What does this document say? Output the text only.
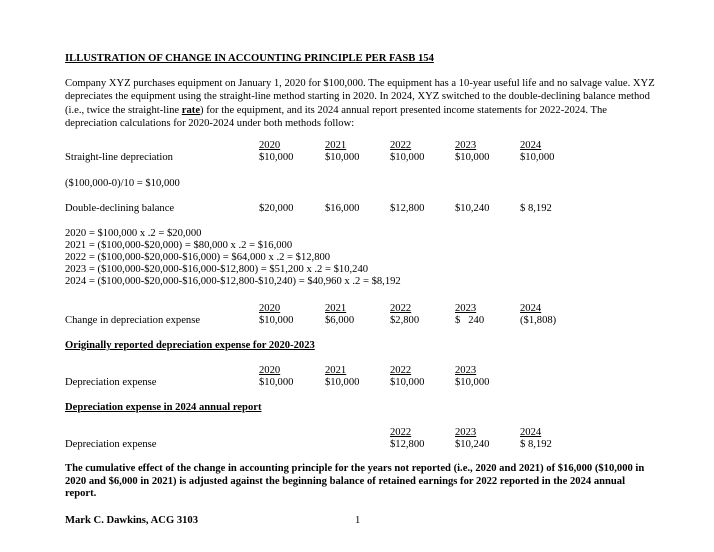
ILLUSTRATION OF CHANGE IN ACCOUNTING PRINCIPLE PER FASB 154
Company XYZ purchases equipment on January 1, 2020 for $100,000. The equipment has a 10-year useful life and no salvage value. XYZ depreciates the equipment using the straight-line method starting in 2020. In 2024, XYZ switched to the double-declining balance method (i.e., twice the straight-line rate) for the equipment, and its 2024 annual report presented income statements for 2022-2024. The depreciation calculations for 2020-2024 under both methods follow:
2020	2021	2022	2023	2024
Straight-line depreciation	$10,000	$10,000	$10,000	$10,000	$10,000
($100,000-0)/10 = $10,000
Double-declining balance	$20,000	$16,000	$12,800	$10,240	$ 8,192
2020 = $100,000 x .2 = $20,000
2021 = ($100,000-$20,000) = $80,000 x .2 = $16,000
2022 = ($100,000-$20,000-$16,000) = $64,000 x .2 = $12,800
2023 = ($100,000-$20,000-$16,000-$12,800) = $51,200 x .2 = $10,240
2024 = ($100,000-$20,000-$16,000-$12,800-$10,240) = $40,960 x .2 = $8,192
2020	2021	2022	2023	2024
Change in depreciation expense	$10,000	$6,000	$2,800	$   240	($1,808)
Originally reported depreciation expense for 2020-2023
2020	2021	2022	2023
Depreciation expense	$10,000	$10,000	$10,000	$10,000
Depreciation expense in 2024 annual report
2022	2023	2024
Depreciation expense	$12,800	$10,240	$ 8,192
The cumulative effect of the change in accounting principle for the years not reported (i.e., 2020 and 2021) of $16,000 ($10,000 in 2020 and $6,000 in 2021) is adjusted against the beginning balance of retained earnings for 2022 reported in the 2024 annual report.
Mark C. Dawkins, ACG 3103	1
